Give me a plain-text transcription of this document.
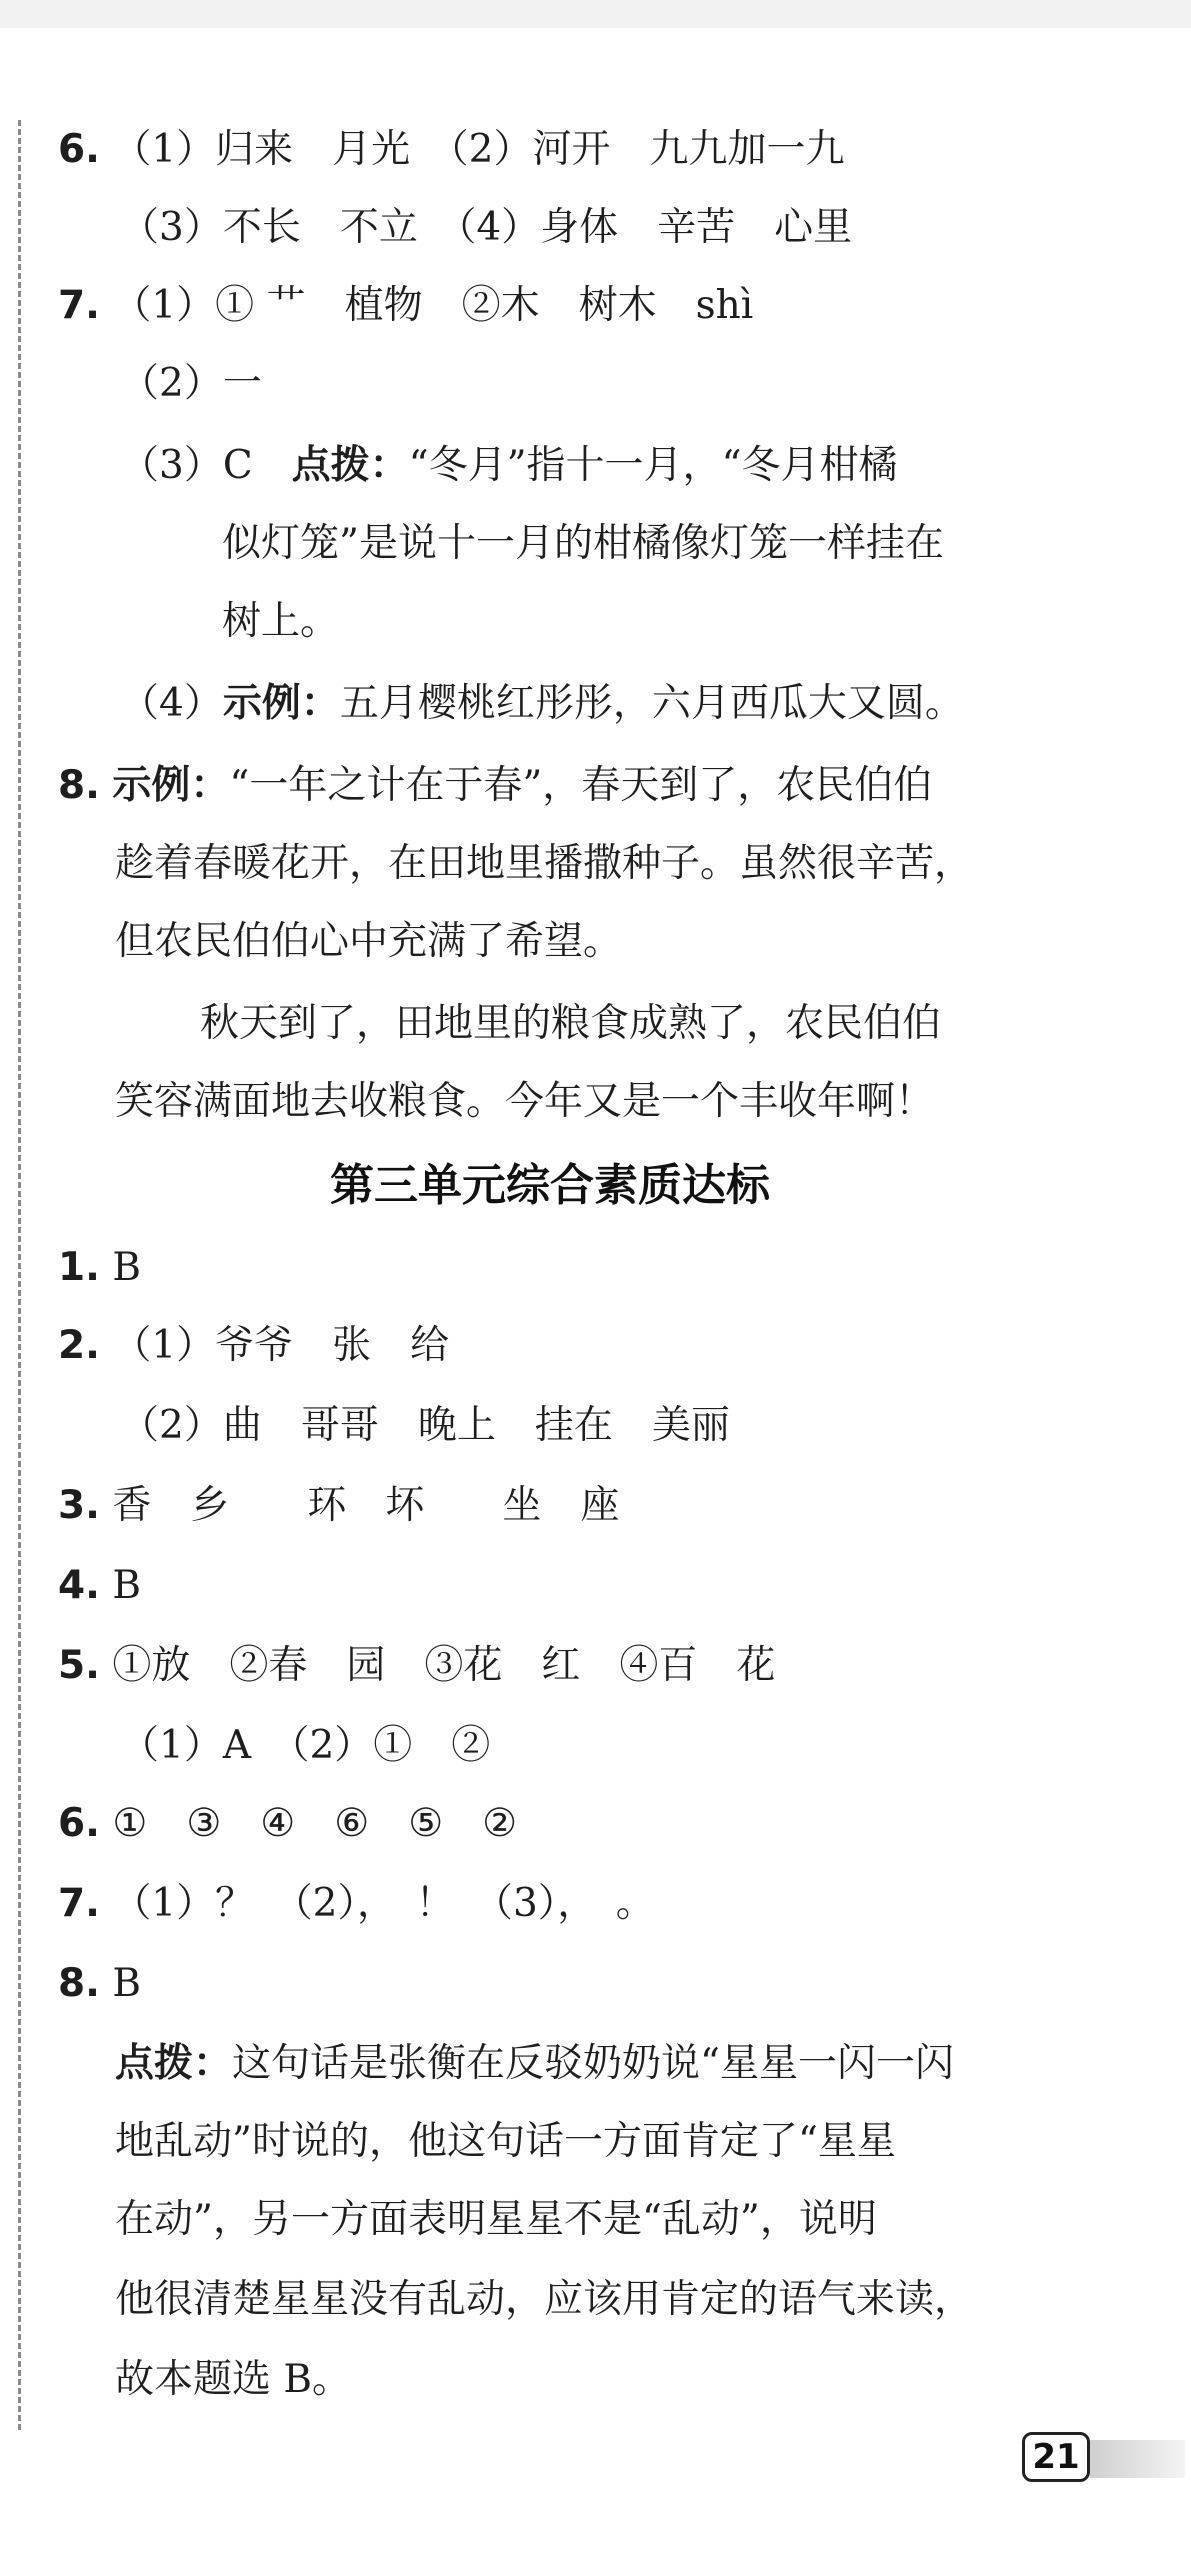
6. （1）归来　月光　（2）河开　九九加一九
（3）不长　不立　（4）身体　辛苦　心里
7. （1）① 艹　植物　②木　树木　shì
（2）一
（3）C　点拨：“冬月”指十一月，“冬月柑橘
似灯笼”是说十一月的柑橘像灯笼一样挂在
树上。
（4）示例：五月樱桃红彤彤，六月西瓜大又圆。
8. 示例：“一年之计在于春”，春天到了，农民伯伯
趁着春暖花开，在田地里播撒种子。虽然很辛苦，
但农民伯伯心中充满了希望。
秋天到了，田地里的粮食成熟了，农民伯伯
笑容满面地去收粮食。今年又是一个丰收年啊！
第三单元综合素质达标
1. B
2. （1）爷爷　张　给
（2）曲　哥哥　晚上　挂在　美丽
3. 香　乡　　环　坏　　坐　座
4. B
5. ①放　②春　园　③花　红　④百　花
（1）A　（2）①　②
6. ①　③　④　⑥　⑤　②
7. （1）？　（2），　！　（3），　。
8. B
点拨：这句话是张衡在反驳奶奶说“星星一闪一闪
地乱动”时说的，他这句话一方面肯定了“星星
在动”，另一方面表明星星不是“乱动”，说明
他很清楚星星没有乱动，应该用肯定的语气来读，
故本题选 B。
21
